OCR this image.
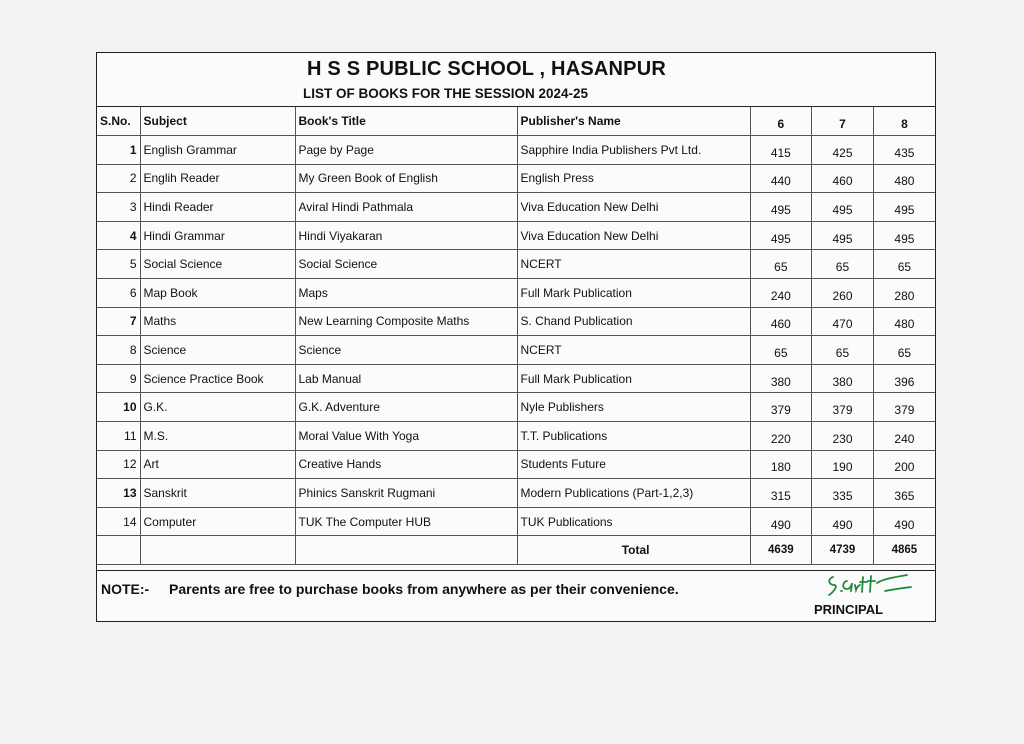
H S S PUBLIC SCHOOL , HASANPUR
LIST OF BOOKS FOR THE SESSION 2024-25
S.No.	Subject	Book's Title	Publisher's Name	6	7	8
1	English Grammar	Page by Page	Sapphire India Publishers Pvt Ltd.	415	425	435
2	Englih Reader	My Green Book of English	English Press	440	460	480
3	Hindi Reader	Aviral Hindi Pathmala	Viva Education New Delhi	495	495	495
4	Hindi Grammar	Hindi Viyakaran	Viva Education New Delhi	495	495	495
5	Social Science	Social Science	NCERT	65	65	65
6	Map Book	Maps	Full Mark Publication	240	260	280
7	Maths	New Learning Composite Maths	S. Chand Publication	460	470	480
8	Science	Science	NCERT	65	65	65
9	Science Practice Book	Lab Manual	Full Mark Publication	380	380	396
10	G.K.	G.K. Adventure	Nyle Publishers	379	379	379
11	M.S.	Moral Value With Yoga	T.T. Publications	220	230	240
12	Art	Creative Hands	Students Future	180	190	200
13	Sanskrit	Phinics Sanskrit Rugmani	Modern Publications (Part-1,2,3)	315	335	365
14	Computer	TUK The Computer HUB	TUK Publications	490	490	490
			Total	4639	4739	4865
NOTE:- Parents are free to purchase books from anywhere as per their convenience.
PRINCIPAL
